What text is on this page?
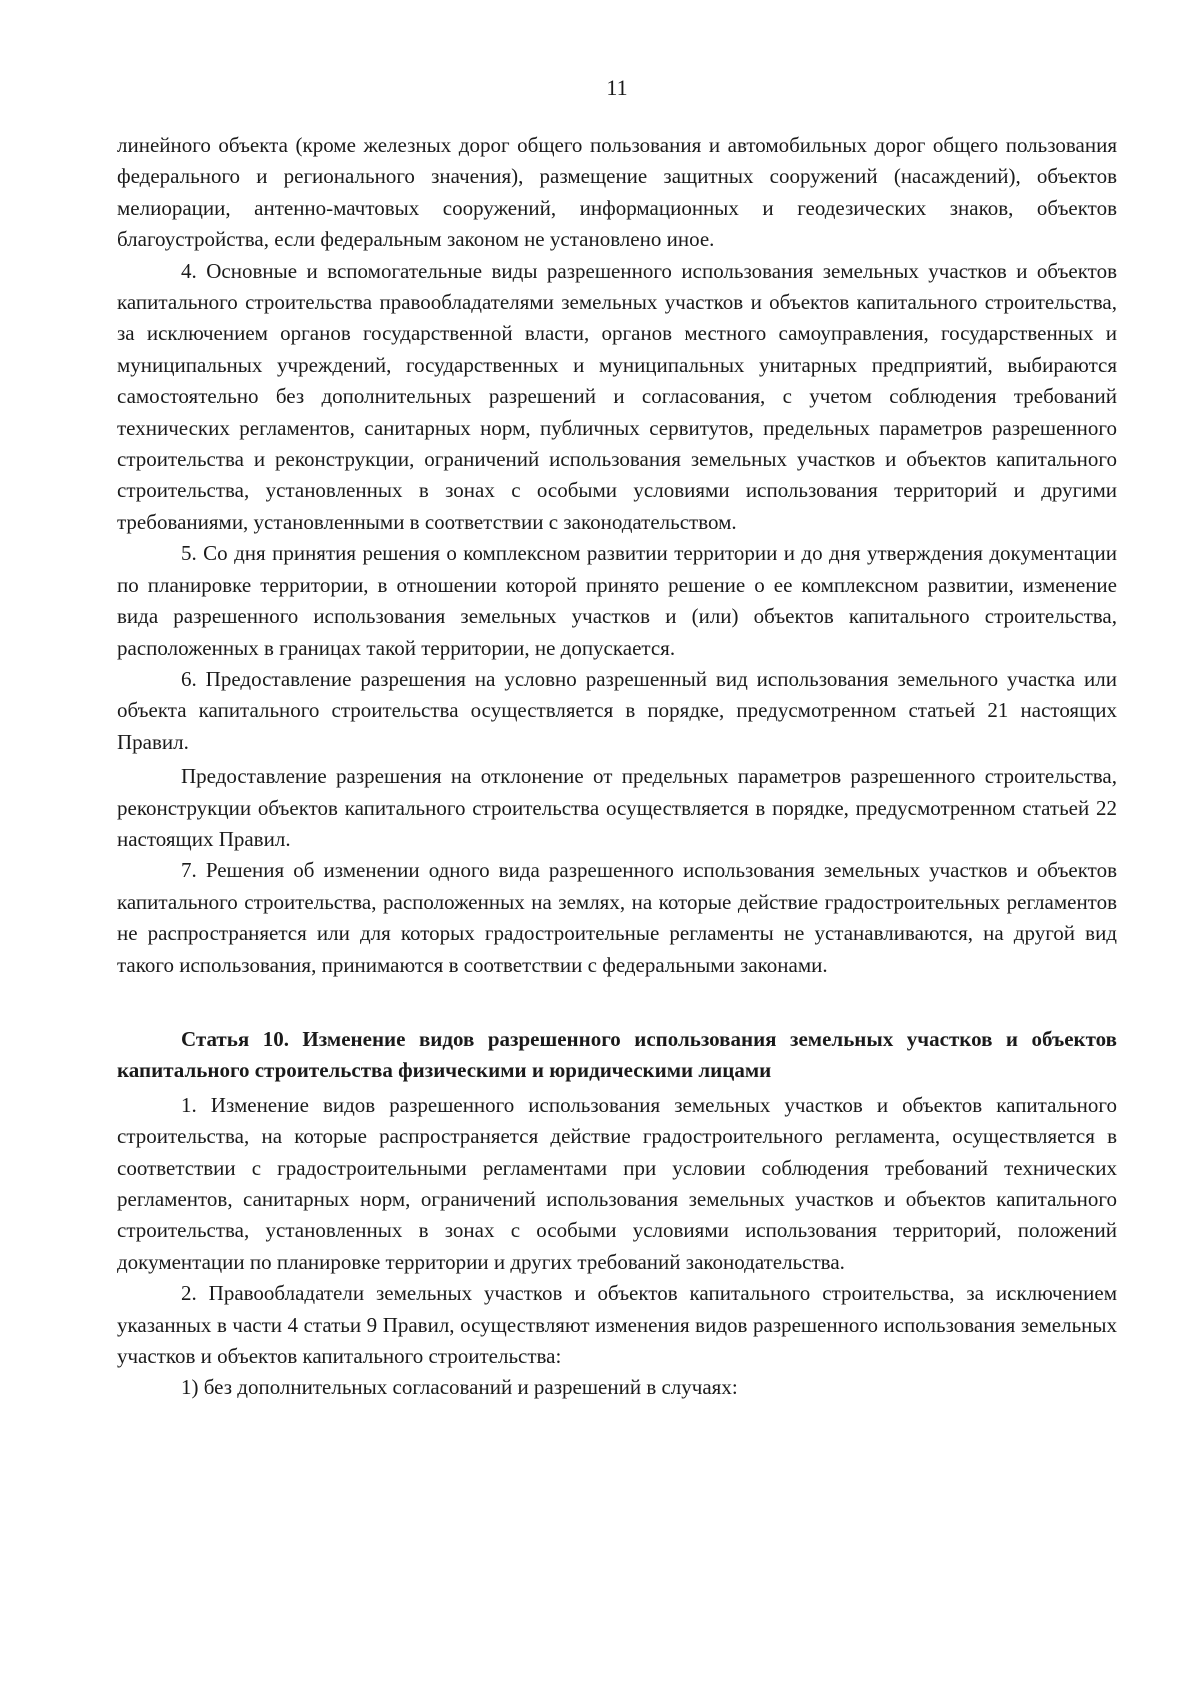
11

линейного объекта (кроме железных дорог общего пользования и автомобильных дорог общего пользования федерального и регионального значения), размещение защитных сооружений (насаждений), объектов мелиорации, антенно-мачтовых сооружений, информационных и геодезических знаков, объектов благоустройства, если федеральным законом не установлено иное.

4. Основные и вспомогательные виды разрешенного использования земельных участков и объектов капитального строительства правообладателями земельных участков и объектов капитального строительства, за исключением органов государственной власти, органов местного самоуправления, государственных и муниципальных учреждений, государственных и муниципальных унитарных предприятий, выбираются самостоятельно без дополнительных разрешений и согласования, с учетом соблюдения требований технических регламентов, санитарных норм, публичных сервитутов, предельных параметров разрешенного строительства и реконструкции, ограничений использования земельных участков и объектов капитального строительства, установленных в зонах с особыми условиями использования территорий и другими требованиями, установленными в соответствии с законодательством.

5. Со дня принятия решения о комплексном развитии территории и до дня утверждения документации по планировке территории, в отношении которой принято решение о ее комплексном развитии, изменение вида разрешенного использования земельных участков и (или) объектов капитального строительства, расположенных в границах такой территории, не допускается.

6. Предоставление разрешения на условно разрешенный вид использования земельного участка или объекта капитального строительства осуществляется в порядке, предусмотренном статьей 21 настоящих Правил.

Предоставление разрешения на отклонение от предельных параметров разрешенного строительства, реконструкции объектов капитального строительства осуществляется в порядке, предусмотренном статьей 22 настоящих Правил.

7. Решения об изменении одного вида разрешенного использования земельных участков и объектов капитального строительства, расположенных на землях, на которые действие градостроительных регламентов не распространяется или для которых градостроительные регламенты не устанавливаются, на другой вид такого использования, принимаются в соответствии с федеральными законами.

Статья 10. Изменение видов разрешенного использования земельных участков и объектов капитального строительства физическими и юридическими лицами

1. Изменение видов разрешенного использования земельных участков и объектов капитального строительства, на которые распространяется действие градостроительного регламента, осуществляется в соответствии с градостроительными регламентами при условии соблюдения требований технических регламентов, санитарных норм, ограничений использования земельных участков и объектов капитального строительства, установленных в зонах с особыми условиями использования территорий, положений документации по планировке территории и других требований законодательства.

2. Правообладатели земельных участков и объектов капитального строительства, за исключением указанных в части 4 статьи 9 Правил, осуществляют изменения видов разрешенного использования земельных участков и объектов капитального строительства:

1) без дополнительных согласований и разрешений в случаях:
